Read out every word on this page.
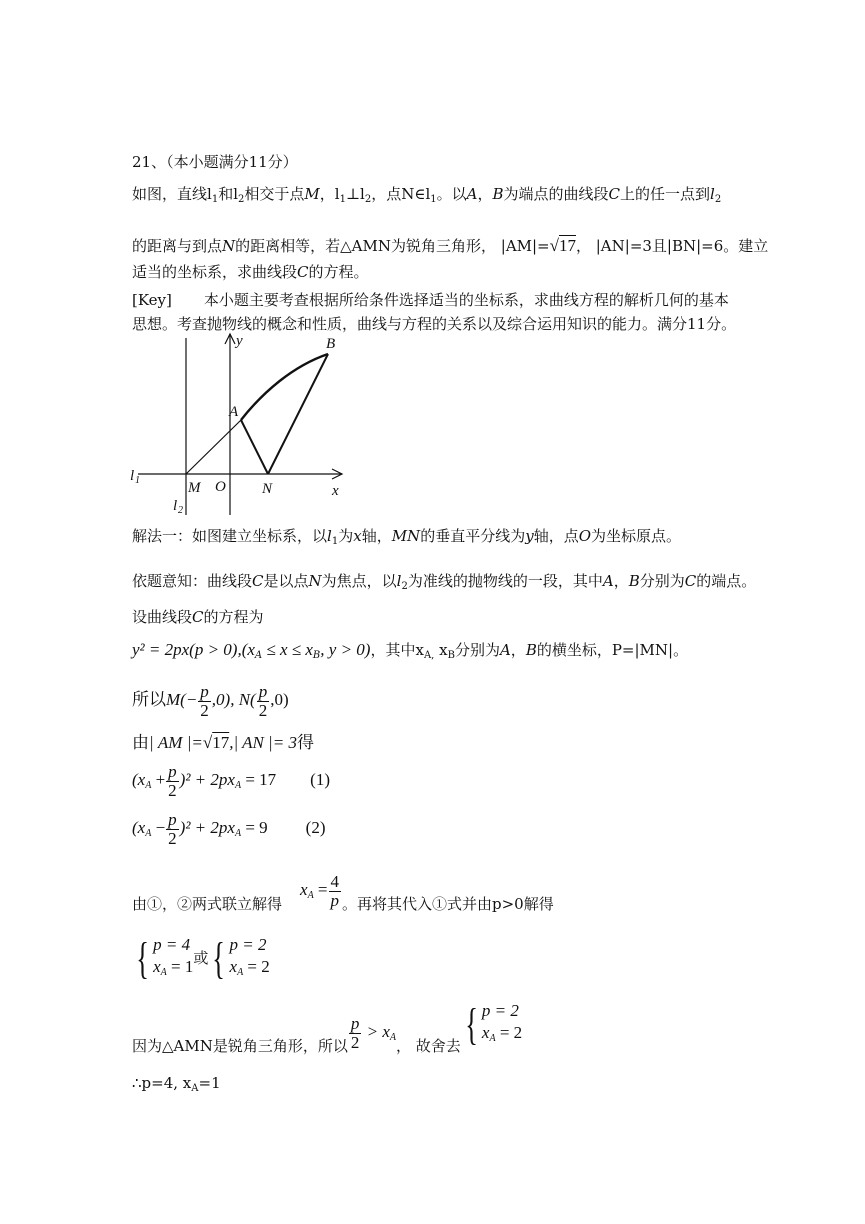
21、（本小题满分11分）
如图，直线$l_1$和$l_2$相交于点M，$l_1\perp l_2$，点$N\in l_1$。以A，B为端点的曲线段C上的任一点到$l_2$
的距离与到点N的距离相等，若△AMN为锐角三角形， |AM|=√17， |AN|=3且|BN|=6。建立
适当的坐标系，求曲线段C的方程。
[Key] 本小题主要考查根据所给条件选择适当的坐标系，求曲线方程的解析几何的基本
思想。考查抛物线的概念和性质，曲线与方程的关系以及综合运用知识的能力。满分11分。
y	B
A
l 1	M O N	x
l 2
解法一：如图建立坐标系，以$l_1$为x轴，MN的垂直平分线为y轴，点O为坐标原点。
依题意知：曲线段C是以点N为焦点，以$l_2$为准线的抛物线的一段，其中A，B分别为C的端点。
设曲线段C的方程为
$y^2 = 2px(p > 0),(x_A \le x \le x_B$, y > 0)，其中$x_{A,}$ $x_B$分别为A，B的横坐标，P=|MN|。
所以$M(- \frac{p}{2} ,0)$, $N( \frac{p}{2} ,0)$
由| AM |=√17,| AN |= 3得
$(x_A + \frac{p}{2} )^2 + 2px_A = 17$ (1)
$(x_A - \frac{p}{2} )^2 + 2px_A = 9$ (2)
由①，②两式联立解得$x_A = \frac{4}{p}$ 。再将其代入①式并由p>0解得
{ p = 4
$x_A = 1$ 或 { p = 2
$x_A = 2$
因为△AMN是锐角三角形，所以 $\frac{p}{2} > x_A$， 故舍去 { p = 2
$x_A = 2$
∴p=4, $x_A=1$
